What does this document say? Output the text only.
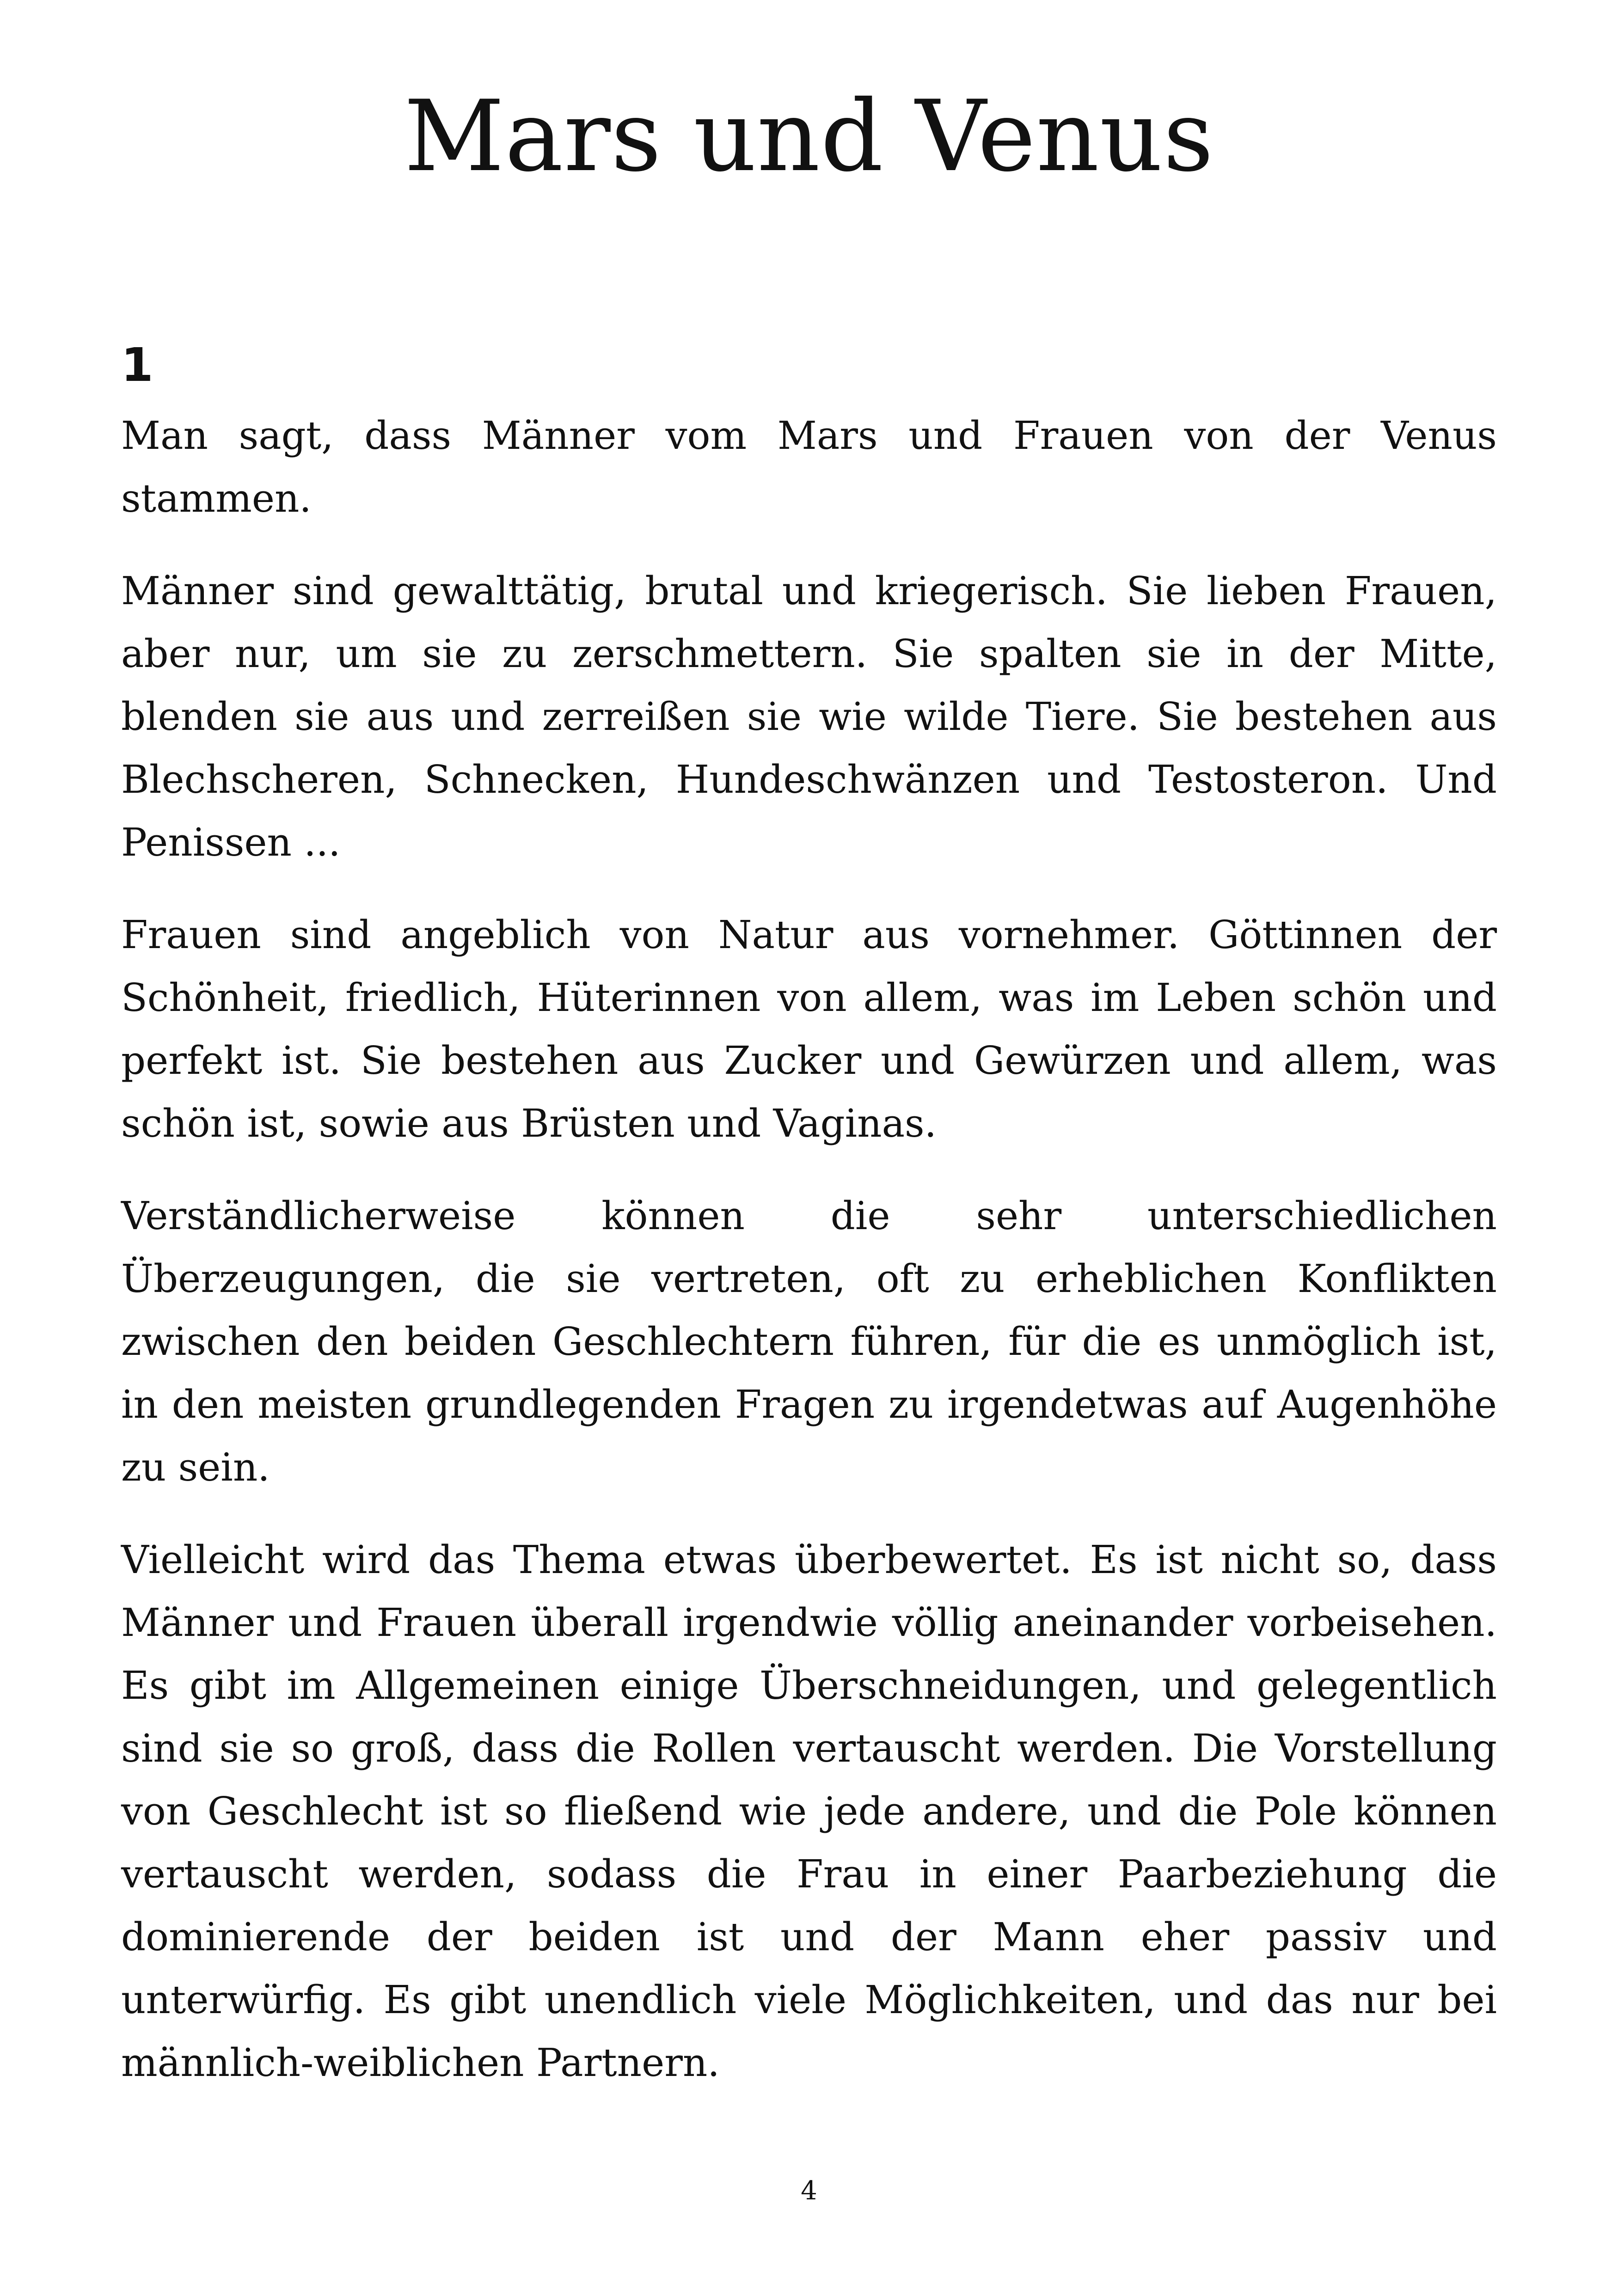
Mars und Venus
1

Man sagt, dass Männer vom Mars und Frauen von der Venus stammen.

Männer sind gewalttätig, brutal und kriegerisch. Sie lieben Frauen, aber nur, um sie zu zerschmettern. Sie spalten sie in der Mitte, blenden sie aus und zerreißen sie wie wilde Tiere. Sie bestehen aus Blechscheren, Schnecken, Hundeschwänzen und Testosteron. Und Penissen ...

Frauen sind angeblich von Natur aus vornehmer. Göttinnen der Schönheit, friedlich, Hüterinnen von allem, was im Leben schön und perfekt ist. Sie bestehen aus Zucker und Gewürzen und allem, was schön ist, sowie aus Brüsten und Vaginas.

Verständlicherweise können die sehr unterschiedlichen Überzeugungen, die sie vertreten, oft zu erheblichen Konflikten zwischen den beiden Geschlechtern führen, für die es unmöglich ist, in den meisten grundlegenden Fragen zu irgendetwas auf Augenhöhe zu sein.

Vielleicht wird das Thema etwas überbewertet. Es ist nicht so, dass Männer und Frauen überall irgendwie völlig aneinander vorbeisehen. Es gibt im Allgemeinen einige Überschneidungen, und gelegentlich sind sie so groß, dass die Rollen vertauscht werden. Die Vorstellung von Geschlecht ist so fließend wie jede andere, und die Pole können vertauscht werden, sodass die Frau in einer Paarbeziehung die dominierende der beiden ist und der Mann eher passiv und unterwürfig. Es gibt unendlich viele Möglichkeiten, und das nur bei männlich-weiblichen Partnern.

4
